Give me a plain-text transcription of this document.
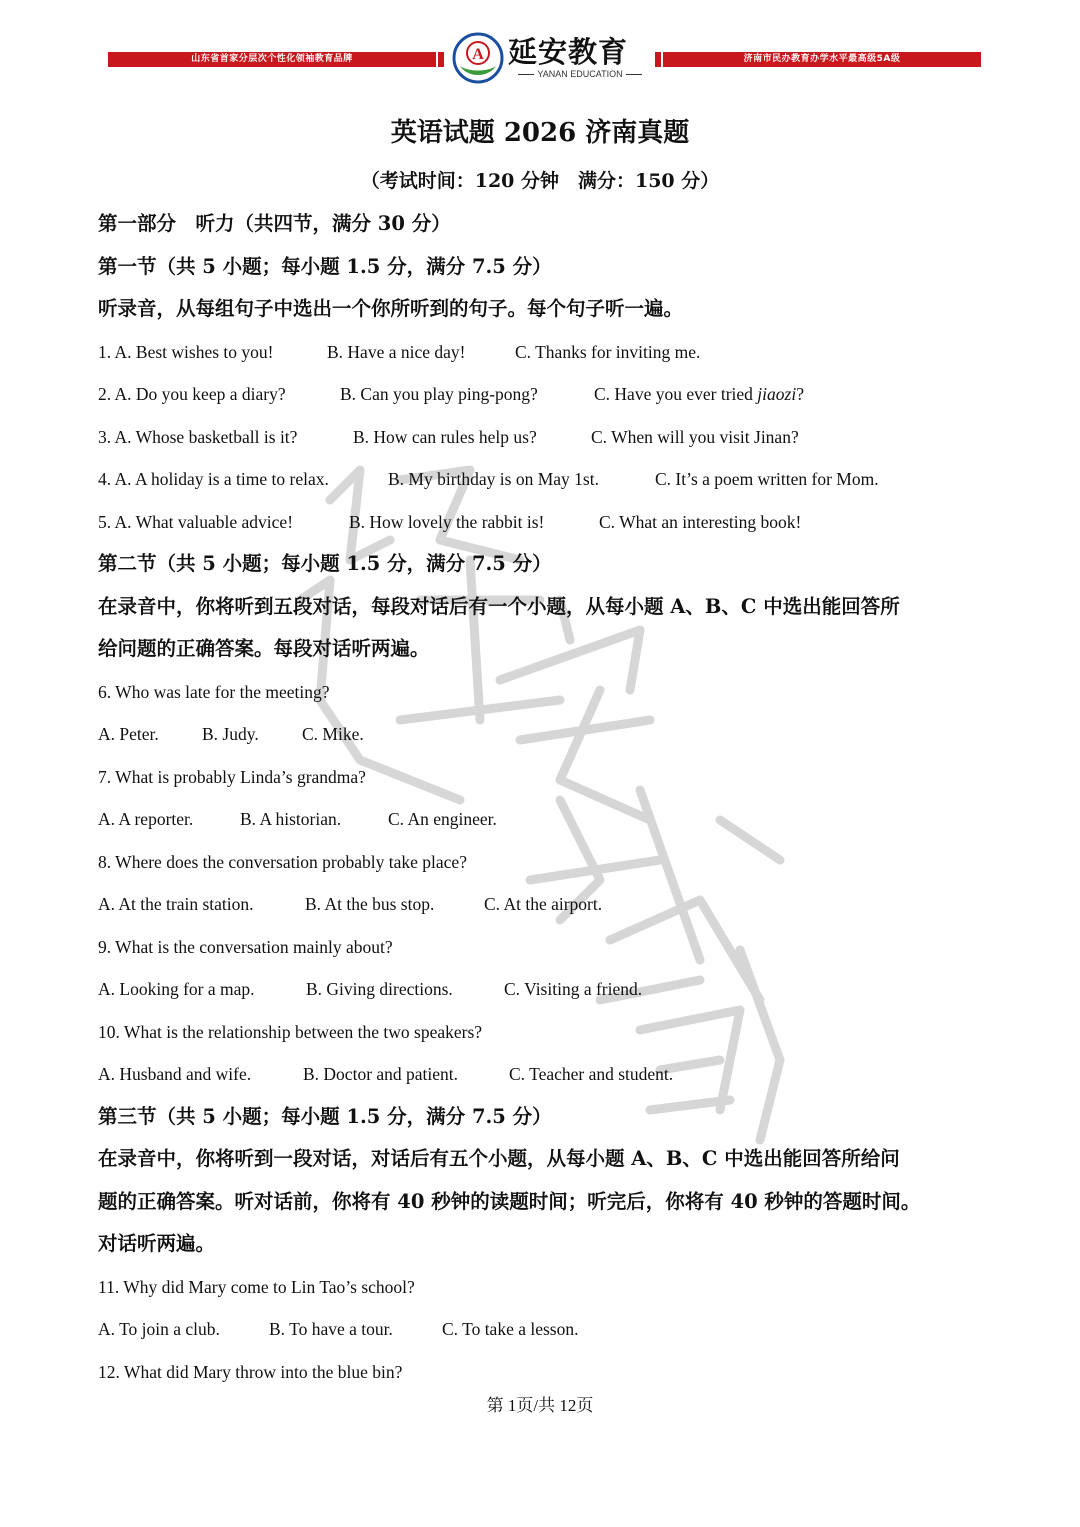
山东省首家分层次个性化领袖教育品牌	济南市民办教育办学水平最高级5A级
A 延安教育
YANAN EDUCATION
英语试题 2026 济南真题
（考试时间：120 分钟　满分：150 分）
第一部分　听力（共四节，满分 30 分）
第一节（共 5 小题；每小题 1.5 分，满分 7.5 分）
听录音，从每组句子中选出一个你所听到的句子。每个句子听一遍。
1. A. Best wishes to you!	B. Have a nice day!	C. Thanks for inviting me.
2. A. Do you keep a diary?	B. Can you play ping-pong?	C. Have you ever tried jiaozi?
3. A. Whose basketball is it?	B. How can rules help us?	C. When will you visit Jinan?
4. A. A holiday is a time to relax.	B. My birthday is on May 1st.	C. It’s a poem written for Mom.
5. A. What valuable advice!	B. How lovely the rabbit is!	C. What an interesting book!
第二节（共 5 小题；每小题 1.5 分，满分 7.5 分）
在录音中，你将听到五段对话，每段对话后有一个小题，从每小题 A、B、C 中选出能回答所
给问题的正确答案。每段对话听两遍。
6. Who was late for the meeting?
A. Peter. B. Judy. C. Mike.
7. What is probably Linda’s grandma?
A. A reporter.	B. A historian.	C. An engineer.
8. Where does the conversation probably take place?
A. At the train station.	B. At the bus stop.	C. At the airport.
9. What is the conversation mainly about?
A. Looking for a map.	B. Giving directions.	C. Visiting a friend.
10. What is the relationship between the two speakers?
A. Husband and wife.	B. Doctor and patient.	C. Teacher and student.
第三节（共 5 小题；每小题 1.5 分，满分 7.5 分）
在录音中，你将听到一段对话，对话后有五个小题，从每小题 A、B、C 中选出能回答所给问
题的正确答案。听对话前，你将有 40 秒钟的读题时间；听完后，你将有 40 秒钟的答题时间。
对话听两遍。
11. Why did Mary come to Lin Tao’s school?
A. To join a club.	B. To have a tour.	C. To take a lesson.
12. What did Mary throw into the blue bin?
第 1页/共 12页
